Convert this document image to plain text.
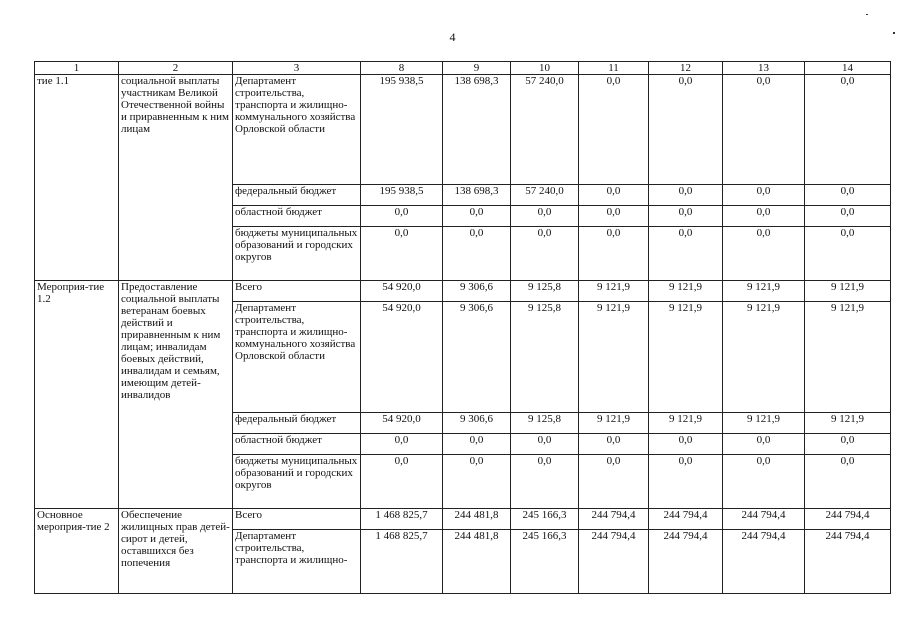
4
1	2	3	8	9	10	11	12	13	14
тие 1.1	социальной выплаты участникам Великой Отечественной войны и приравненным к ним лицам	Департамент строительства, транспорта и жилищно-коммунального хозяйства Орловской области	195 938,5	138 698,3	57 240,0	0,0	0,0	0,0	0,0
		федеральный бюджет	195 938,5	138 698,3	57 240,0	0,0	0,0	0,0	0,0
		областной бюджет	0,0	0,0	0,0	0,0	0,0	0,0	0,0
		бюджеты муниципальных образований и городских округов	0,0	0,0	0,0	0,0	0,0	0,0	0,0
Мероприя-тие 1.2	Предоставление социальной выплаты ветеранам боевых действий и приравненным к ним лицам; инвалидам боевых действий, инвалидам и семьям, имеющим детей-инвалидов	Всего	54 920,0	9 306,6	9 125,8	9 121,9	9 121,9	9 121,9	9 121,9
		Департамент строительства, транспорта и жилищно-коммунального хозяйства Орловской области	54 920,0	9 306,6	9 125,8	9 121,9	9 121,9	9 121,9	9 121,9
		федеральный бюджет	54 920,0	9 306,6	9 125,8	9 121,9	9 121,9	9 121,9	9 121,9
		областной бюджет	0,0	0,0	0,0	0,0	0,0	0,0	0,0
		бюджеты муниципальных образований и городских округов	0,0	0,0	0,0	0,0	0,0	0,0	0,0
Основное мероприя-тие 2	Обеспечение жилищных прав детей-сирот и детей, оставшихся без попечения	Всего	1 468 825,7	244 481,8	245 166,3	244 794,4	244 794,4	244 794,4	244 794,4
		Департамент строительства, транспорта и жилищно-	1 468 825,7	244 481,8	245 166,3	244 794,4	244 794,4	244 794,4	244 794,4
